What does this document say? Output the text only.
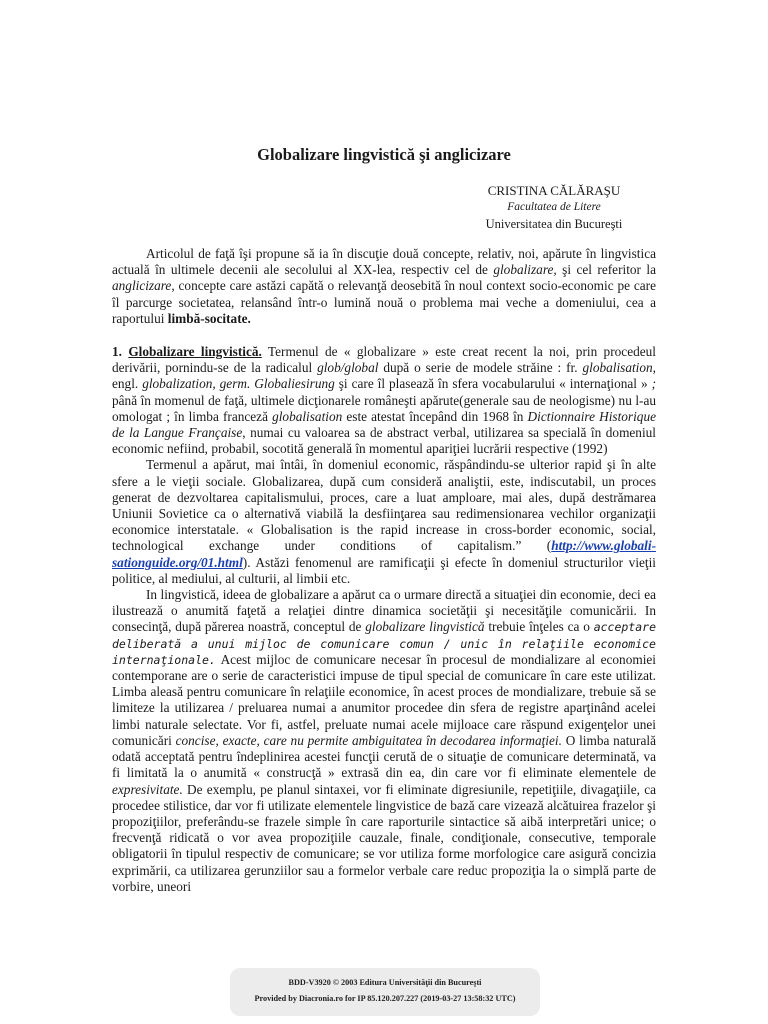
Globalizare lingvistică şi anglicizare
CRISTINA CĂLĂRAŞU
Facultatea de Litere
Universitatea din Bucureşti

Articolul de faţă îşi propune să ia în discuţie două concepte, relativ, noi, apărute în lingvistica actuală în ultimele decenii ale secolului al XX-lea, respectiv cel de globalizare, şi cel referitor la anglicizare, concepte care astăzi capătă o relevanţă deosebită în noul context socio-economic pe care îl parcurge societatea, relansând într-o lumină nouă o problema mai veche a domeniului, cea a raportului limbă-socitate.

1. Globalizare lingvistică. Termenul de « globalizare » este creat recent la noi, prin procedeul derivării, pornindu-se de la radicalul glob/global după o serie de modele străine : fr. globalisation, engl. globalization, germ. Globaliesirung şi care îl plasează în sfera vocabularului « internaţional » ; până în momenul de faţă, ultimele dicţionarele româneşti apărute(generale sau de neologisme) nu l-au omologat ; în limba franceză globalisation este atestat începând din 1968 în Dictionnaire Historique de la Langue Française, numai cu valoarea sa de abstract verbal, utilizarea sa specială în domeniul economic nefiind, probabil, socotită generală în momentul apariţiei lucrării respective (1992)

Termenul a apărut, mai întâi, în domeniul economic, răspândindu-se ulterior rapid şi în alte sfere a le vieţii sociale. Globalizarea, după cum consideră analiştii, este, indiscutabil, un proces generat de dezvoltarea capitalismului, proces, care a luat amploare, mai ales, după destrămarea Uniunii Sovietice ca o alternativă viabilă la desfiinţarea sau redimensionarea vechilor organizaţii economice interstatale. « Globalisation is the rapid increase in cross-border economic, social, technological exchange under conditions of capitalism.” (http://www.globali-sationguide.org/01.html). Astăzi fenomenul are ramificaţii şi efecte în domeniul structurilor vieţii politice, al mediului, al culturii, al limbii etc.

In lingvistică, ideea de globalizare a apărut ca o urmare directă a situaţiei din economie, deci ea ilustrează o anumită faţetă a relaţiei dintre dinamica societăţii şi necesităţile comunicării. In consecinţă, după părerea noastră, conceptul de globalizare lingvistică trebuie înţeles ca o acceptare deliberată a unui mijloc de comunicare comun / unic în relaţiile economice internaţionale. Acest mijloc de comunicare necesar în procesul de mondializare al economiei contemporane are o serie de caracteristici impuse de tipul special de comunicare în care este utilizat. Limba aleasă pentru comunicare în relaţiile economice, în acest proces de mondializare, trebuie să se limiteze la utilizarea / preluarea numai a anumitor procedee din sfera de registre aparţinând acelei limbi naturale selectate. Vor fi, astfel, preluate numai acele mijloace care răspund exigenţelor unei comunicări concise, exacte, care nu permite ambiguitatea în decodarea informaţiei. O limba naturală odată acceptată pentru îndeplinirea acestei funcţii cerută de o situaţie de comunicare determinată, va fi limitată la o anumită « construcţă » extrasă din ea, din care vor fi eliminate elementele de expresivitate. De exemplu, pe planul sintaxei, vor fi eliminate digresiunile, repetiţiile, divagaţiile, ca procedee stilistice, dar vor fi utilizate elementele lingvistice de bază care vizează alcătuirea frazelor şi propoziţiilor, preferându-se frazele simple în care raporturile sintactice să aibă interpretări unice; o frecvenţă ridicată o vor avea propoziţiile cauzale, finale, condiţionale, consecutive, temporale obligatorii în tipulul respectiv de comunicare; se vor utiliza forme morfologice care asigură concizia exprimării, ca utilizarea gerunziilor sau a formelor verbale care reduc propoziţia la o simplă parte de vorbire, uneori

BDD-V3920 © 2003 Editura Universităţii din Bucureşti
Provided by Diacronia.ro for IP 85.120.207.227 (2019-03-27 13:58:32 UTC)
